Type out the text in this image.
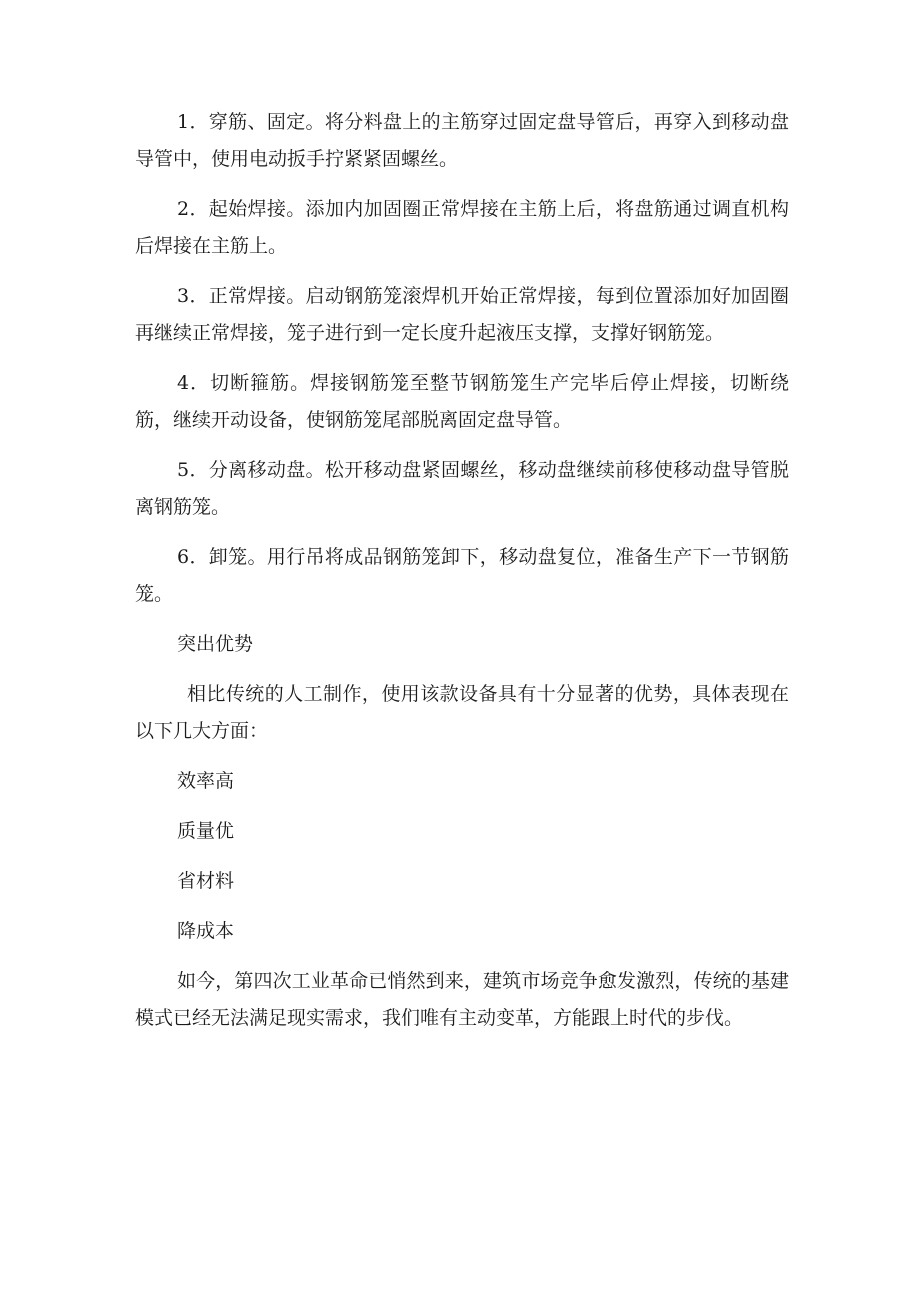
1．穿筋、固定。将分料盘上的主筋穿过固定盘导管后，再穿入到移动盘导管中，使用电动扳手拧紧紧固螺丝。

2．起始焊接。添加内加固圈正常焊接在主筋上后，将盘筋通过调直机构后焊接在主筋上。

3．正常焊接。启动钢筋笼滚焊机开始正常焊接，每到位置添加好加固圈再继续正常焊接，笼子进行到一定长度升起液压支撑，支撑好钢筋笼。

4．切断箍筋。焊接钢筋笼至整节钢筋笼生产完毕后停止焊接，切断绕筋，继续开动设备，使钢筋笼尾部脱离固定盘导管。

5．分离移动盘。松开移动盘紧固螺丝，移动盘继续前移使移动盘导管脱离钢筋笼。

6．卸笼。用行吊将成品钢筋笼卸下，移动盘复位，准备生产下一节钢筋笼。

突出优势

相比传统的人工制作，使用该款设备具有十分显著的优势，具体表现在以下几大方面：

效率高

质量优

省材料

降成本

如今，第四次工业革命已悄然到来，建筑市场竞争愈发激烈，传统的基建模式已经无法满足现实需求，我们唯有主动变革，方能跟上时代的步伐。
